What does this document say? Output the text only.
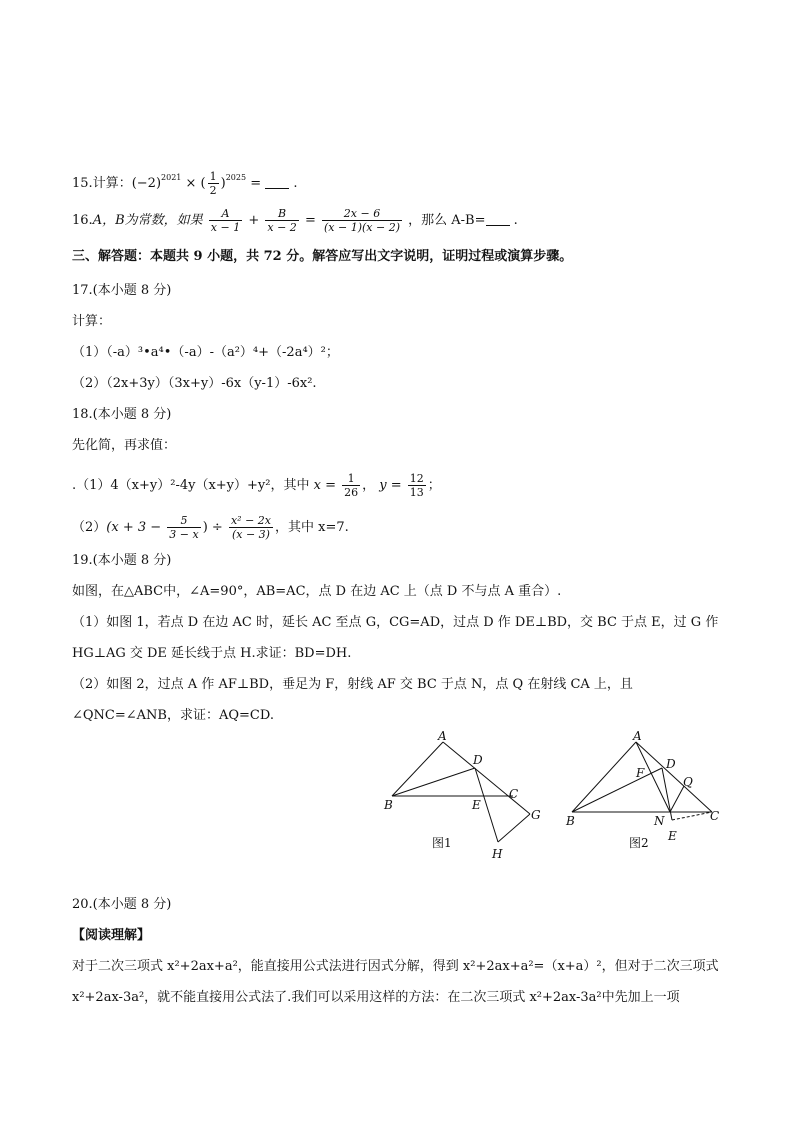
15.计算：$(-2)^{2021}$ × ( $\frac{1}{2} )^{2025}$ = .
16.A，B为常数，如果 $\frac{A}{x - 1} + \frac{B}{x - 2} = \frac{2x - 6}{(x - 1)(x - 2)}$ ，那么 A-B= .
三、解答题：本题共 9 小题，共 72 分。解答应写出文字说明，证明过程或演算步骤。
17.(本小题 8 分)
计算：
（1）（-a）³•a⁴•（-a）-（a²）⁴+（-2a⁴）²；
（2）（2x+3y）（3x+y）-6x（y-1）-6x².
18.(本小题 8 分)
先化简，再求值：
.（1）4（x+y）²-4y（x+y）+y²，其中 $x = \frac{1}{26}$ ， $y = \frac{12}{13}$ ；
$(2)(x + 3 - \frac{5}{3 - x}$ ) ÷ $\frac{\text{x² − 2x}}{(x - 3)}$ ，其中 x=7.
19.(本小题 8 分)
如图，在△ABC中，∠A=90°，AB=AC，点 D 在边 AC 上（点 D 不与点 A 重合）.
（1）如图 1，若点 D 在边 AC 时，延长 AC 至点 G，CG=AD，过点 D 作 DE⊥BD，交 BC 于点 E，过 G 作
HG⊥AG 交 DE 延长线于点 H.求证：BD=DH.
（2）如图 2，过点 A 作 AF⊥BD，垂足为 F，射线 AF 交 BC 于点 N，点 Q 在射线 CA 上，且
∠QNC=∠ANB，求证：AQ=CD.
A
B
C
D
E
G
H
图1
A
B	C
D
E
F
N
Q
图2
20.(本小题 8 分)
【阅读理解】
对于二次三项式 x²+2ax+a²，能直接用公式法进行因式分解，得到 x²+2ax+a²=（x+a）²，但对于二次三项式
x²+2ax-3a²，就不能直接用公式法了.我们可以采用这样的方法：在二次三项式 x²+2ax-3a²中先加上一项
